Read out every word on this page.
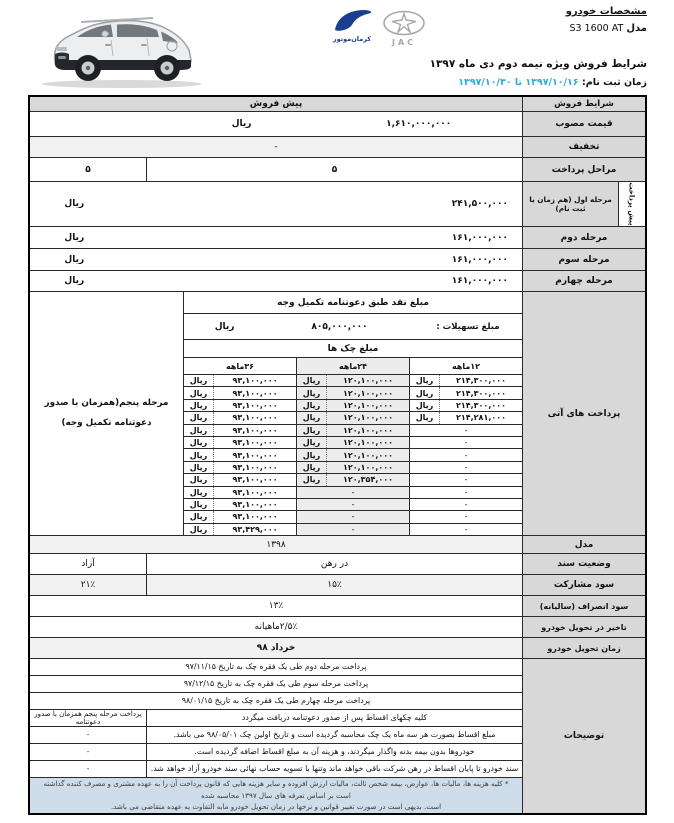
JAC
کرمان‌موتور
مشخصات خودرو
مدل S3 1600 AT
شرایط فروش ویژه نیمه دوم دی ماه ۱۳۹۷
زمان ثبت نام: ۱۳۹۷/۱۰/۱۶ تا ۱۳۹۷/۱۰/۳۰
شرایط فروش
پیش فروش
قیمت مصوب
۱,۶۱۰,۰۰۰,۰۰۰
ریال
تخفیف
-
مراحل پرداخت
۵
۵
پیش پرداخت
مرحله اول (هم زمان با ثبت نام)
۲۴۱,۵۰۰,۰۰۰
ریال
مرحله دوم
۱۶۱,۰۰۰,۰۰۰
ریال
مرحله سوم
۱۶۱,۰۰۰,۰۰۰
ریال
مرحله چهارم
۱۶۱,۰۰۰,۰۰۰
ریال
پرداخت های آتی
مبلغ نقد طبق دعوتنامه تکمیل وجه
مبلغ تسهیلات :
۸۰۵,۰۰۰,۰۰۰
ریال
مبلغ چک ها
۱۲ماهه
۲۴ماهه
۳۶ماهه
۲۱۴,۳۰۰,۰۰۰
ریال
۱۲۰,۱۰۰,۰۰۰
ریال
۹۳,۱۰۰,۰۰۰
ریال
۲۱۴,۳۰۰,۰۰۰
ریال
۱۲۰,۱۰۰,۰۰۰
ریال
۹۳,۱۰۰,۰۰۰
ریال
۲۱۴,۳۰۰,۰۰۰
ریال
۱۲۰,۱۰۰,۰۰۰
ریال
۹۳,۱۰۰,۰۰۰
ریال
۲۱۴,۲۸۱,۰۰۰
ریال
۱۲۰,۱۰۰,۰۰۰
ریال
۹۳,۱۰۰,۰۰۰
ریال
-
۱۲۰,۱۰۰,۰۰۰
ریال
۹۳,۱۰۰,۰۰۰
ریال
-
۱۲۰,۱۰۰,۰۰۰
ریال
۹۳,۱۰۰,۰۰۰
ریال
-
۱۲۰,۱۰۰,۰۰۰
ریال
۹۳,۱۰۰,۰۰۰
ریال
-
۱۲۰,۱۰۰,۰۰۰
ریال
۹۳,۱۰۰,۰۰۰
ریال
-
۱۲۰,۳۵۴,۰۰۰
ریال
۹۳,۱۰۰,۰۰۰
ریال
-
-
۹۳,۱۰۰,۰۰۰
ریال
-
-
۹۳,۱۰۰,۰۰۰
ریال
-
-
۹۳,۱۰۰,۰۰۰
ریال
-
-
۹۳,۴۲۹,۰۰۰
ریال
مرحله پنجم(همزمان با صدور دعوتنامه تکمیل وجه)
مدل
۱۳۹۸
وضعیت سند
در رهن
آزاد
سود مشارکت
۱۵٪
۲۱٪
سود انصراف (سالیانه)
۱۳٪
تاخیر در تحویل خودرو
۲/۵٪ماهیانه
زمان تحویل خودرو
خرداد ۹۸
توضیحات
پرداخت مرحله دوم طی یک فقره چک به تاریخ ۹۷/۱۱/۱۵
پرداخت مرحله سوم طی یک فقره چک به تاریخ ۹۷/۱۲/۱۵
پرداخت مرحله چهارم طی یک فقره چک به تاریخ ۹۸/۰۱/۱۵
کلیه چکهای اقساط پس از صدور دعوتنامه دریافت میگردد
پرداخت مرحله پنجم همزمان با صدور دعوتنامه
مبلغ اقساط بصورت هر سه ماه یک چک محاسبه گردیده است و تاریخ اولین چک ۹۸/۰۵/۰۱ می باشد.
-
خودروها بدون بیمه بدنه واگذار میگردند، و هزینه آن به مبلغ اقساط اضافه گردیده است.
-
سند خودرو تا پایان اقساط در رهن شرکت باقی خواهد ماند وتنها با تسویه حساب نهائی سند خودرو آزاد خواهد شد.
-
* کلیه هزینه ها، مالیات ها، عوارض، بیمه شخص ثالث، مالیات ارزش افزوده و سایر هزینه هایی که قانون پرداخت آن را به عهده مشتری و مصرف کننده گذاشته است بر اساس تعرفه های سال ۱۳۹۷ محاسبه شده
است. بدیهی است در صورت تغییر قوانین و نرخها در زمان تحویل خودرو مابه التفاوت به عهده متقاضی می باشد.
